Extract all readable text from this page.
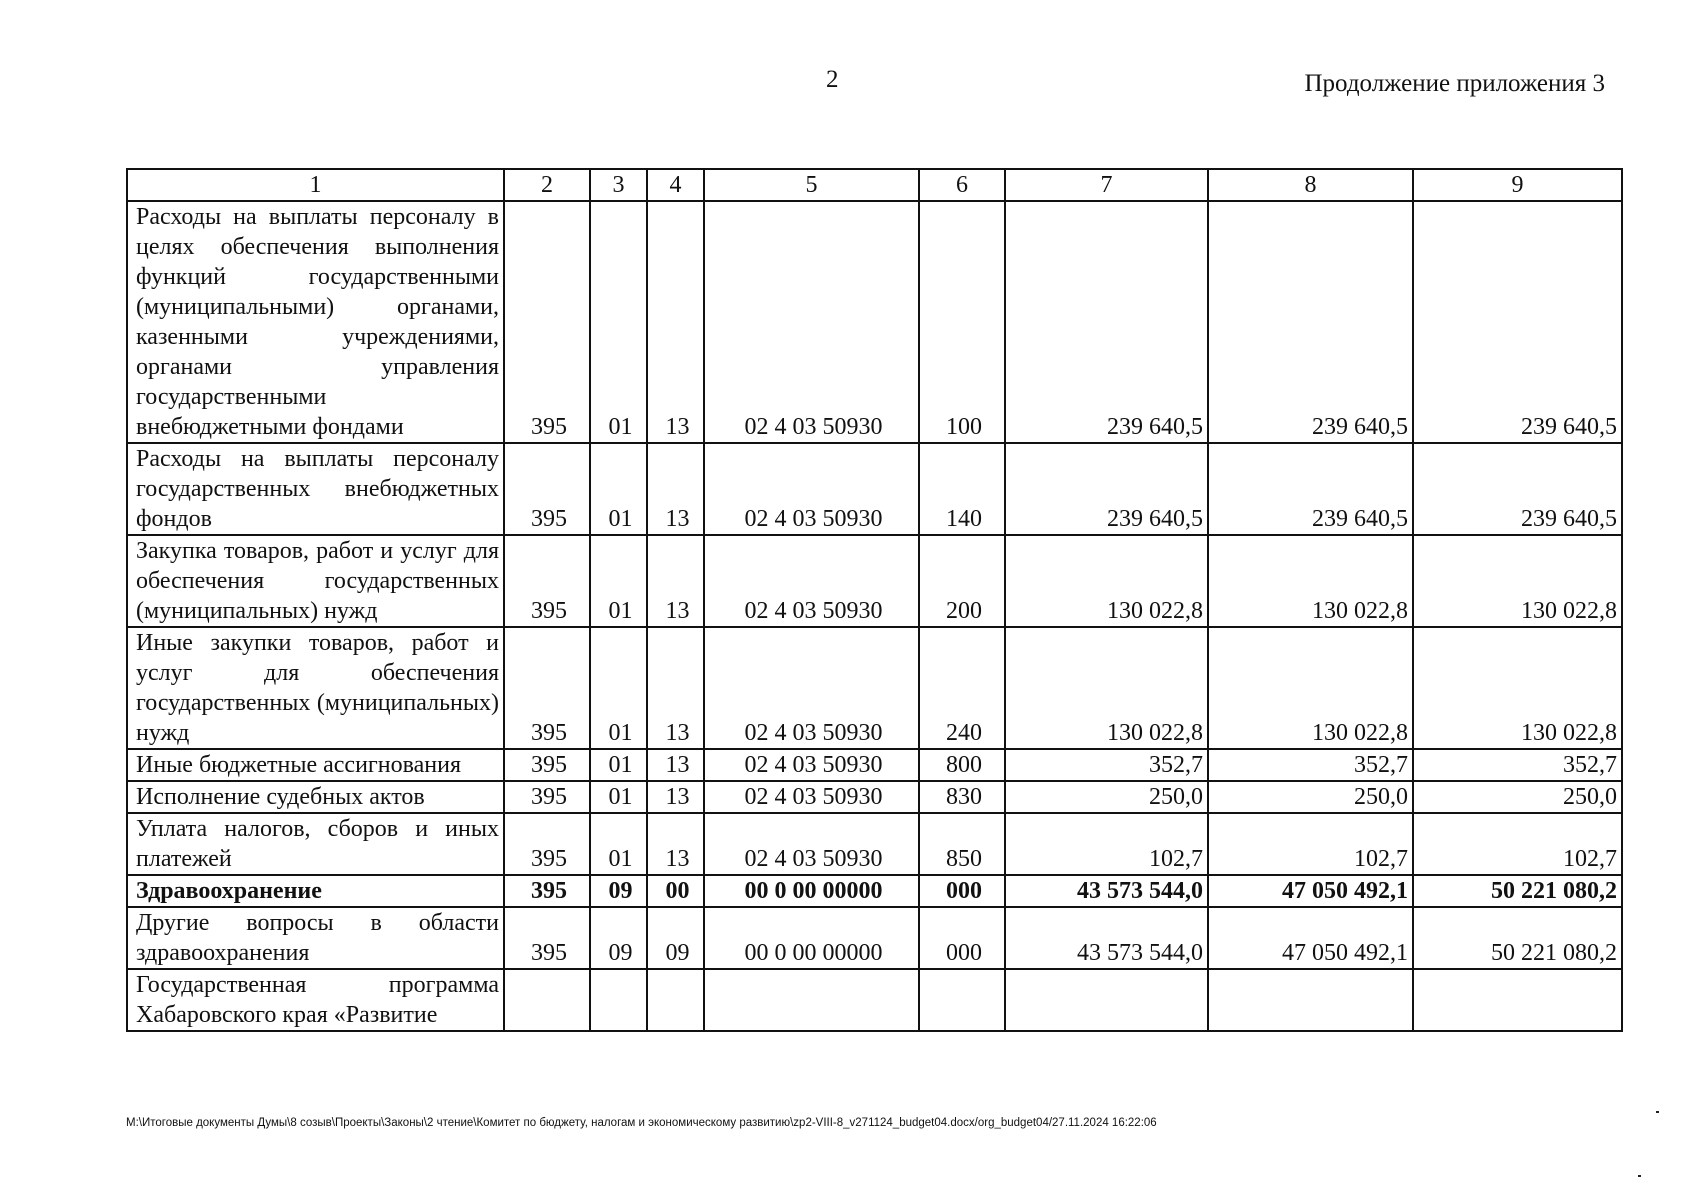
2	Продолжение приложения 3
1	2	3	4	5	6	7	8	9
Расходы на выплаты персоналу в целях обеспечения выполнения функций государственными (муниципальными) органами, казенными учреждениями, органами управления государственными внебюджетными фондами	395	01	13	02 4 03 50930	100	239 640,5	239 640,5	239 640,5
Расходы на выплаты персоналу государственных внебюджетных фондов	395	01	13	02 4 03 50930	140	239 640,5	239 640,5	239 640,5
Закупка товаров, работ и услуг для обеспечения государственных (муниципальных) нужд	395	01	13	02 4 03 50930	200	130 022,8	130 022,8	130 022,8
Иные закупки товаров, работ и услуг для обеспечения государственных (муниципальных) нужд	395	01	13	02 4 03 50930	240	130 022,8	130 022,8	130 022,8
Иные бюджетные ассигнования	395	01	13	02 4 03 50930	800	352,7	352,7	352,7
Исполнение судебных актов	395	01	13	02 4 03 50930	830	250,0	250,0	250,0
Уплата налогов, сборов и иных платежей	395	01	13	02 4 03 50930	850	102,7	102,7	102,7
Здравоохранение	395	09	00	00 0 00 00000	000	43 573 544,0	47 050 492,1	50 221 080,2
Другие вопросы в области здравоохранения	395	09	09	00 0 00 00000	000	43 573 544,0	47 050 492,1	50 221 080,2
Государственная программа Хабаровского края «Развитие								
M:\Итоговые документы Думы\8 созыв\Проекты\Законы\2 чтение\Комитет по бюджету, налогам и экономическому развитию\zp2-VIII-8_v271124_budget04.docx/org_budget04/27.11.2024 16:22:06
